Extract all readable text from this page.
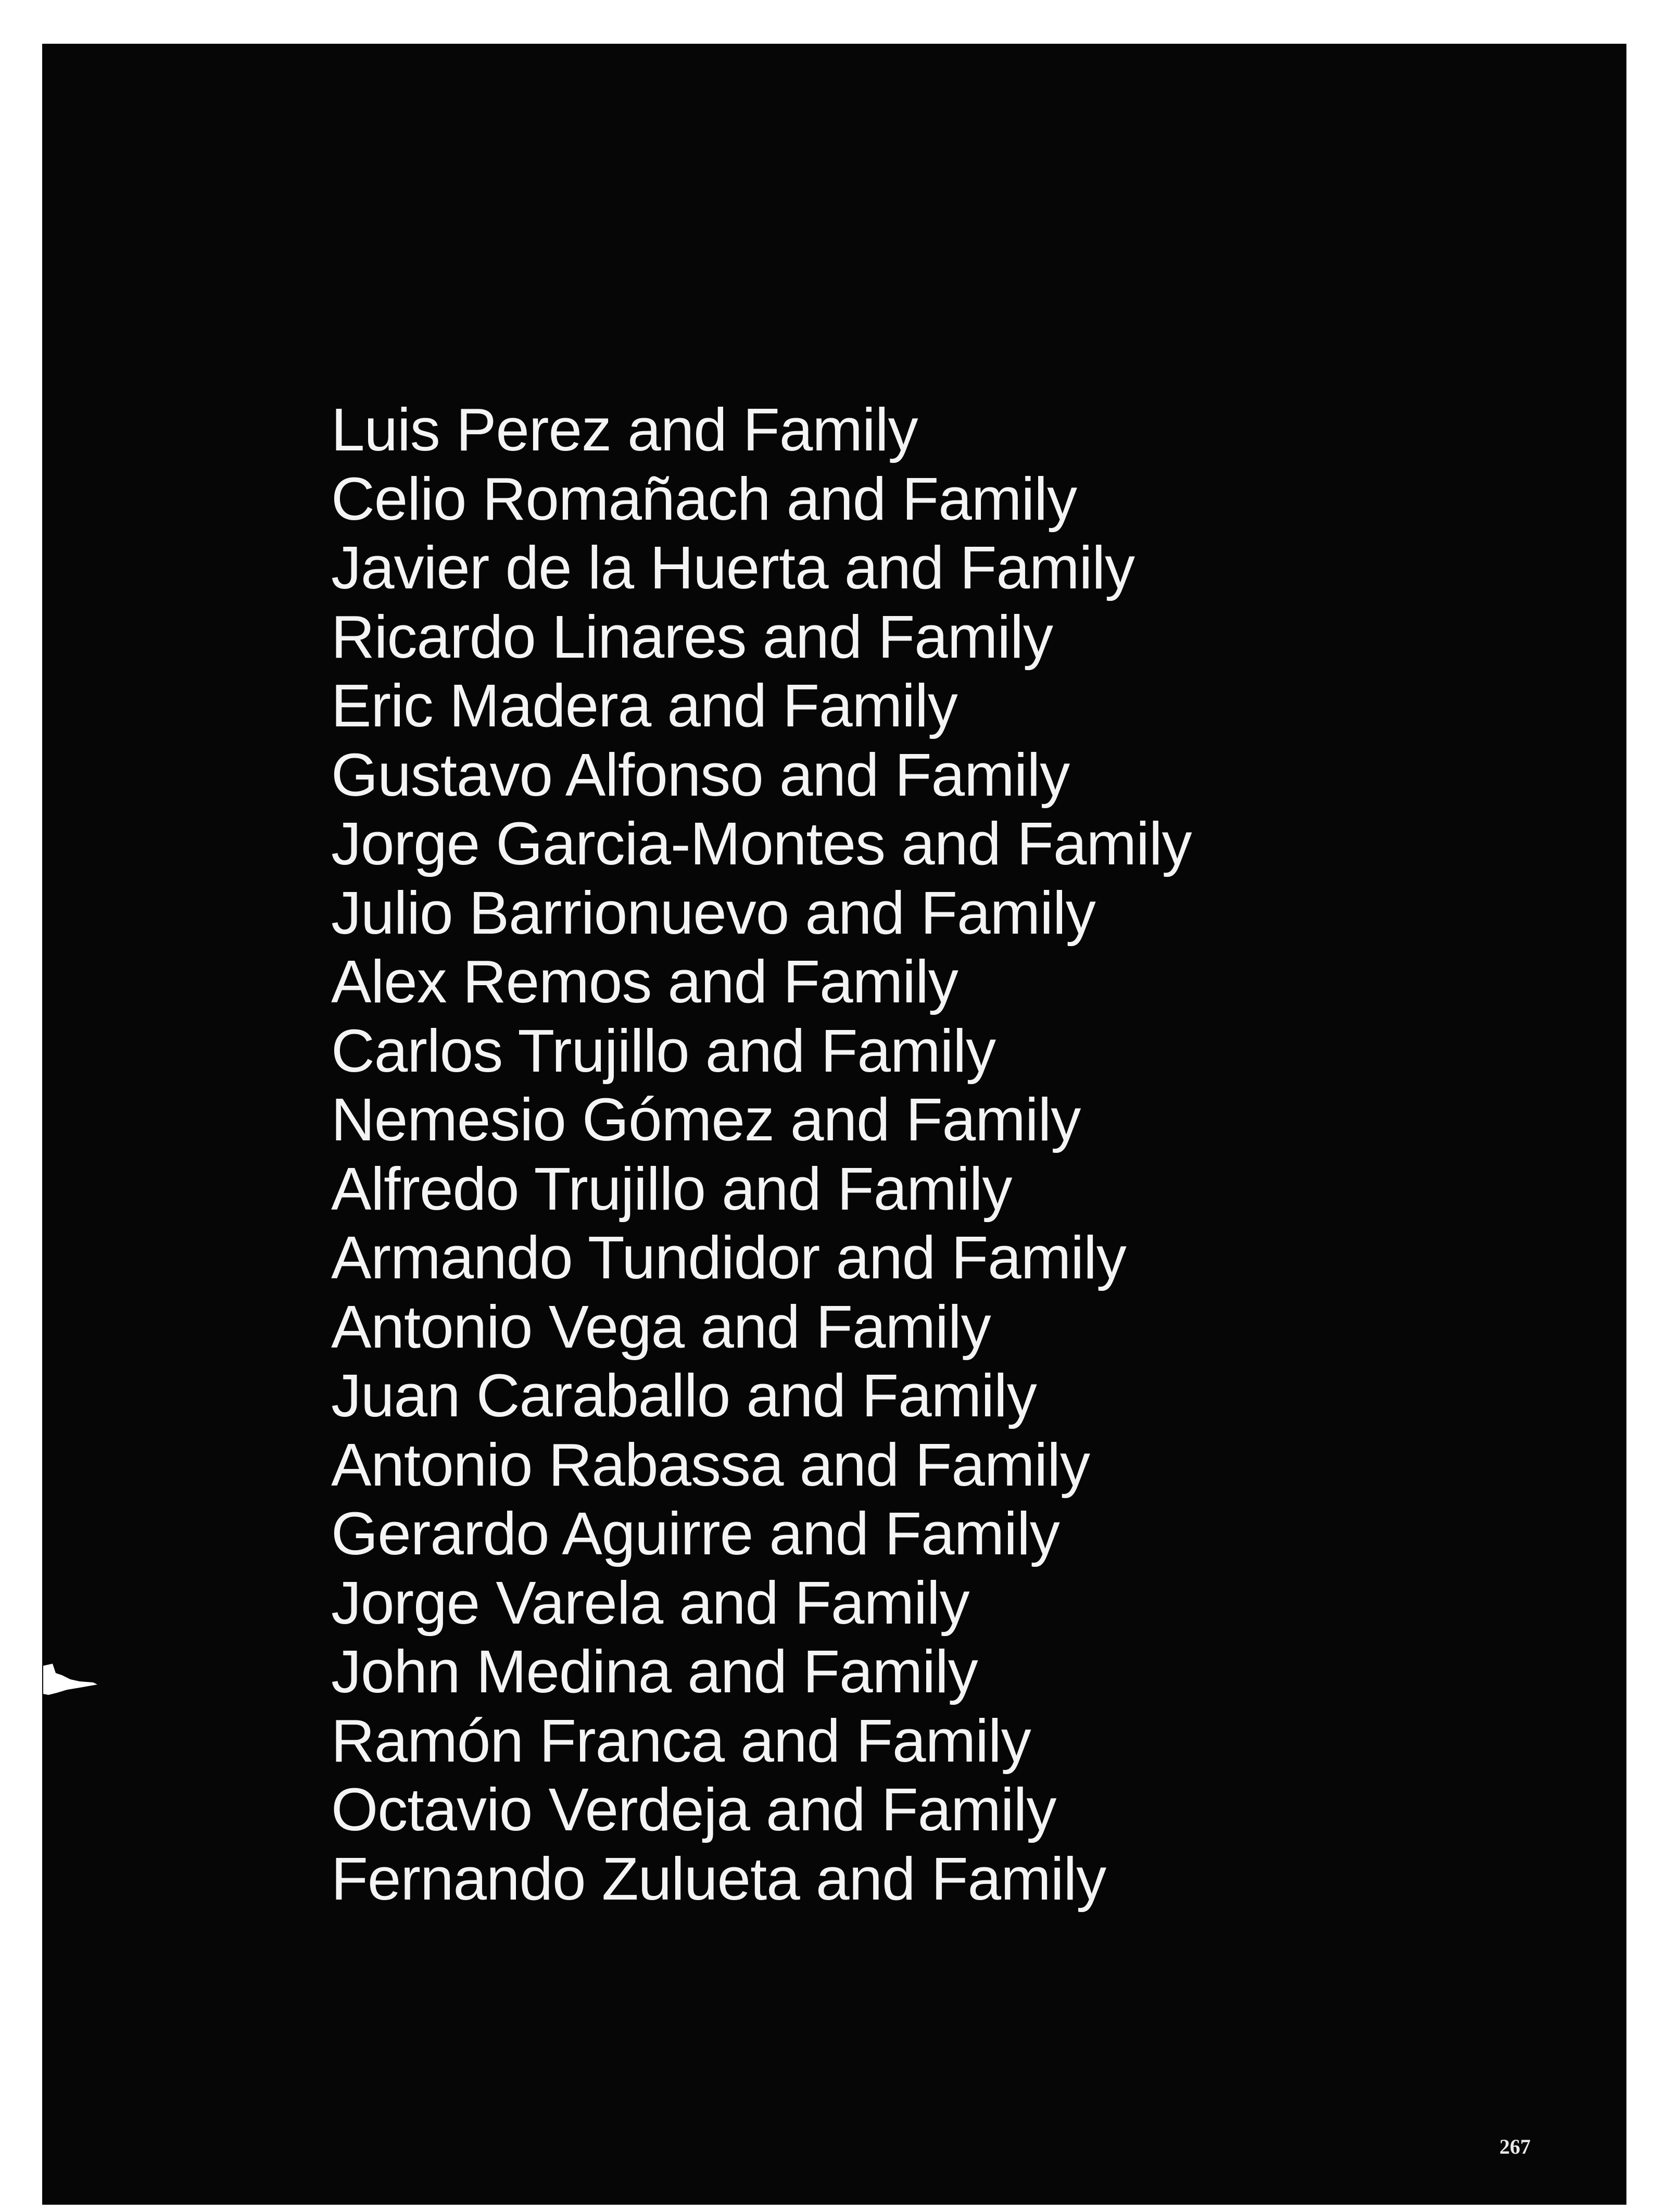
Luis Perez and Family
Celio Romañach and Family
Javier de la Huerta and Family
Ricardo Linares and Family
Eric Madera and Family
Gustavo Alfonso and Family
Jorge Garcia-Montes and Family
Julio Barrionuevo and Family
Alex Remos and Family
Carlos Trujillo and Family
Nemesio Gómez and Family
Alfredo Trujillo and Family
Armando Tundidor and Family
Antonio Vega and Family
Juan Caraballo and Family
Antonio Rabassa and Family
Gerardo Aguirre and Family
Jorge Varela and Family
John Medina and Family
Ramón Franca and Family
Octavio Verdeja and Family
Fernando Zulueta and Family
267
